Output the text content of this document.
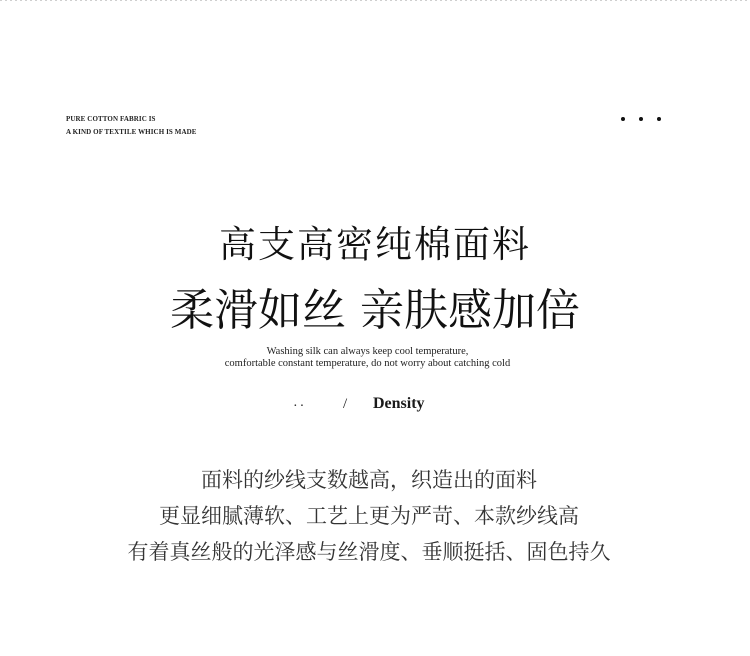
PURE COTTON FABRIC IS
A KIND OF TEXTILE WHICH IS MADE
高支高密纯棉面料
柔滑如丝 亲肤感加倍
Washing silk can always keep cool temperature,
comfortable constant temperature, do not worry about catching cold
·· / Density
面料的纱线支数越高，织造出的面料
更显细腻薄软、工艺上更为严苛、本款纱线高
有着真丝般的光泽感与丝滑度、垂顺挺括、固色持久
